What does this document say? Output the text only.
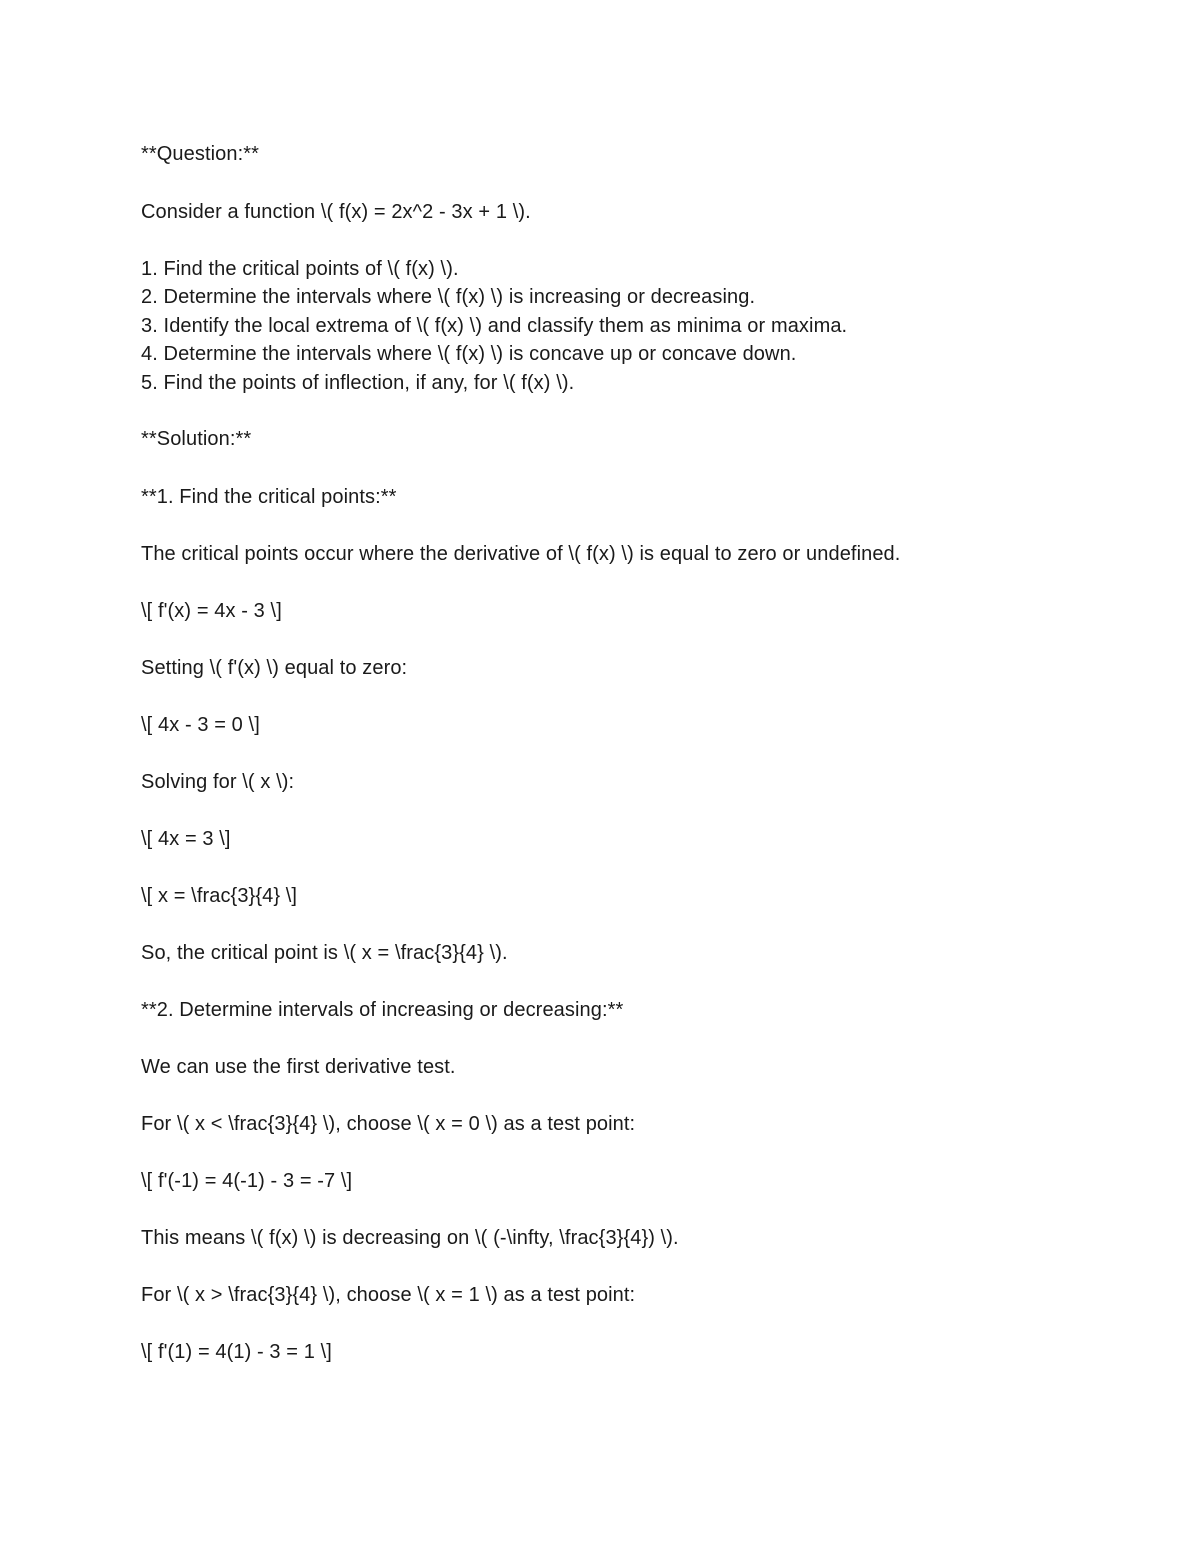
**Question:**

Consider a function \( f(x) = 2x^2 - 3x + 1 \).

1. Find the critical points of \( f(x) \).

2. Determine the intervals where \( f(x) \) is increasing or decreasing.

3. Identify the local extrema of \( f(x) \) and classify them as minima or maxima.

4. Determine the intervals where \( f(x) \) is concave up or concave down.

5. Find the points of inflection, if any, for \( f(x) \).

**Solution:**

**1. Find the critical points:**

The critical points occur where the derivative of \( f(x) \) is equal to zero or undefined.

\[ f'(x) = 4x - 3 \]

Setting \( f'(x) \) equal to zero:

\[ 4x - 3 = 0 \]

Solving for \( x \):

\[ 4x = 3 \]

\[ x = \frac{3}{4} \]

So, the critical point is \( x = \frac{3}{4} \).

**2. Determine intervals of increasing or decreasing:**

We can use the first derivative test.

For \( x < \frac{3}{4} \), choose \( x = 0 \) as a test point:

\[ f'(-1) = 4(-1) - 3 = -7 \]

This means \( f(x) \) is decreasing on \( (-\infty, \frac{3}{4}) \).

For \( x > \frac{3}{4} \), choose \( x = 1 \) as a test point:

\[ f'(1) = 4(1) - 3 = 1 \]
